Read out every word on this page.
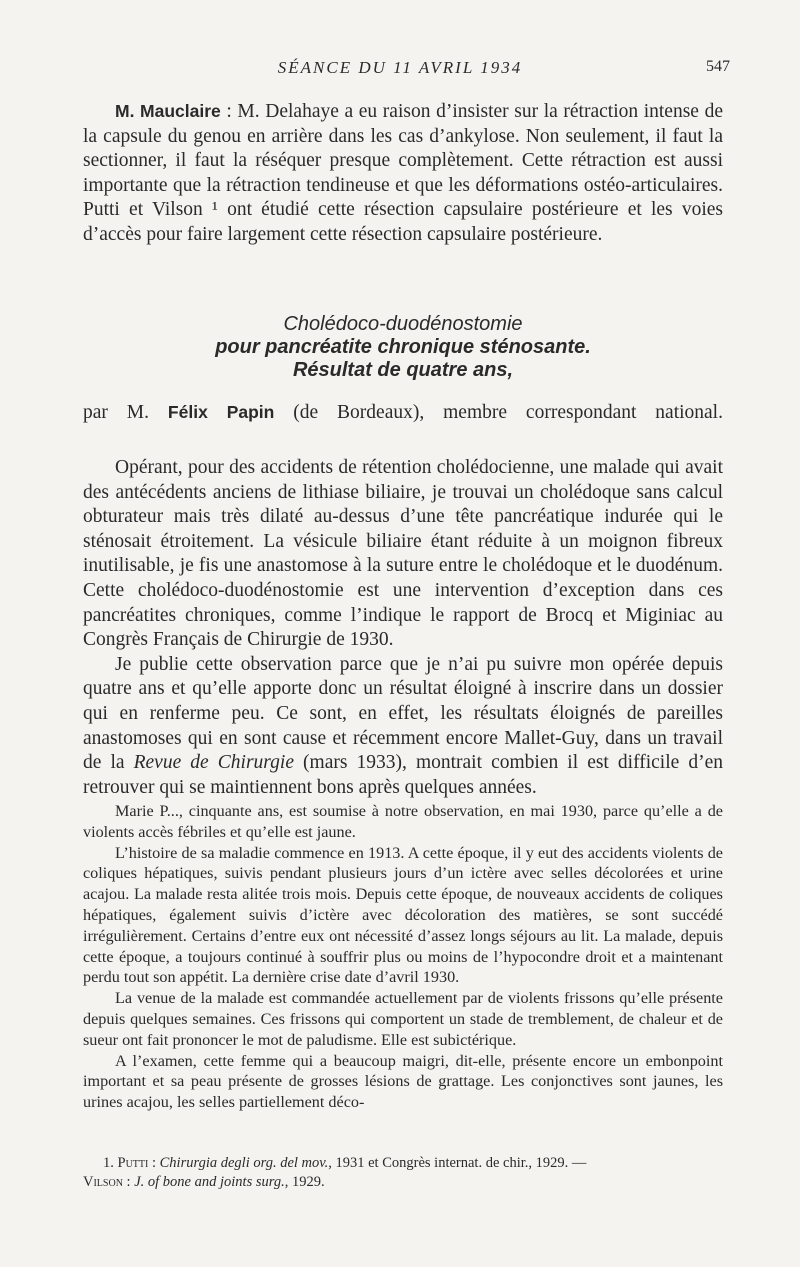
SÉANCE DU 11 AVRIL 1934	547

M. Mauclaire : M. Delahaye a eu raison d’insister sur la rétraction intense de la capsule du genou en arrière dans les cas d’ankylose. Non seulement, il faut la sectionner, il faut la réséquer presque complètement. Cette rétraction est aussi importante que la rétraction tendineuse et que les déformations ostéo-articulaires. Putti et Vilson ¹ ont étudié cette résection capsulaire postérieure et les voies d’accès pour faire largement cette résection capsulaire postérieure.

Cholédoco-duodénostomie
pour pancréatite chronique sténosante.
Résultat de quatre ans,
par M. Félix Papin (de Bordeaux), membre correspondant national.

Opérant, pour des accidents de rétention cholédocienne, une malade qui avait des antécédents anciens de lithiase biliaire, je trouvai un cholédoque sans calcul obturateur mais très dilaté au-dessus d’une tête pancréatique indurée qui le sténosait étroitement. La vésicule biliaire étant réduite à un moignon fibreux inutilisable, je fis une anastomose à la suture entre le cholédoque et le duodénum. Cette cholédoco-duodénostomie est une intervention d’exception dans ces pancréatites chroniques, comme l’indique le rapport de Brocq et Miginiac au Congrès Français de Chirurgie de 1930.

Je publie cette observation parce que je n’ai pu suivre mon opérée depuis quatre ans et qu’elle apporte donc un résultat éloigné à inscrire dans un dossier qui en renferme peu. Ce sont, en effet, les résultats éloignés de pareilles anastomoses qui en sont cause et récemment encore Mallet-Guy, dans un travail de la Revue de Chirurgie (mars 1933), montrait combien il est difficile d’en retrouver qui se maintiennent bons après quelques années.

Marie P..., cinquante ans, est soumise à notre observation, en mai 1930, parce qu’elle a de violents accès fébriles et qu’elle est jaune.

L’histoire de sa maladie commence en 1913. A cette époque, il y eut des accidents violents de coliques hépatiques, suivis pendant plusieurs jours d’un ictère avec selles décolorées et urine acajou. La malade resta alitée trois mois. Depuis cette époque, de nouveaux accidents de coliques hépatiques, également suivis d’ictère avec décoloration des matières, se sont succédé irrégulièrement. Certains d’entre eux ont nécessité d’assez longs séjours au lit. La malade, depuis cette époque, a toujours continué à souffrir plus ou moins de l’hypocondre droit et a maintenant perdu tout son appétit. La dernière crise date d’avril 1930.

La venue de la malade est commandée actuellement par de violents frissons qu’elle présente depuis quelques semaines. Ces frissons qui comportent un stade de tremblement, de chaleur et de sueur ont fait prononcer le mot de paludisme. Elle est subictérique.

A l’examen, cette femme qui a beaucoup maigri, dit-elle, présente encore un embonpoint important et sa peau présente de grosses lésions de grattage. Les conjonctives sont jaunes, les urines acajou, les selles partiellement déco-

1. Putti : Chirurgia degli org. del mov., 1931 et Congrès internat. de chir., 1929. —

Vilson : J. of bone and joints surg., 1929.
